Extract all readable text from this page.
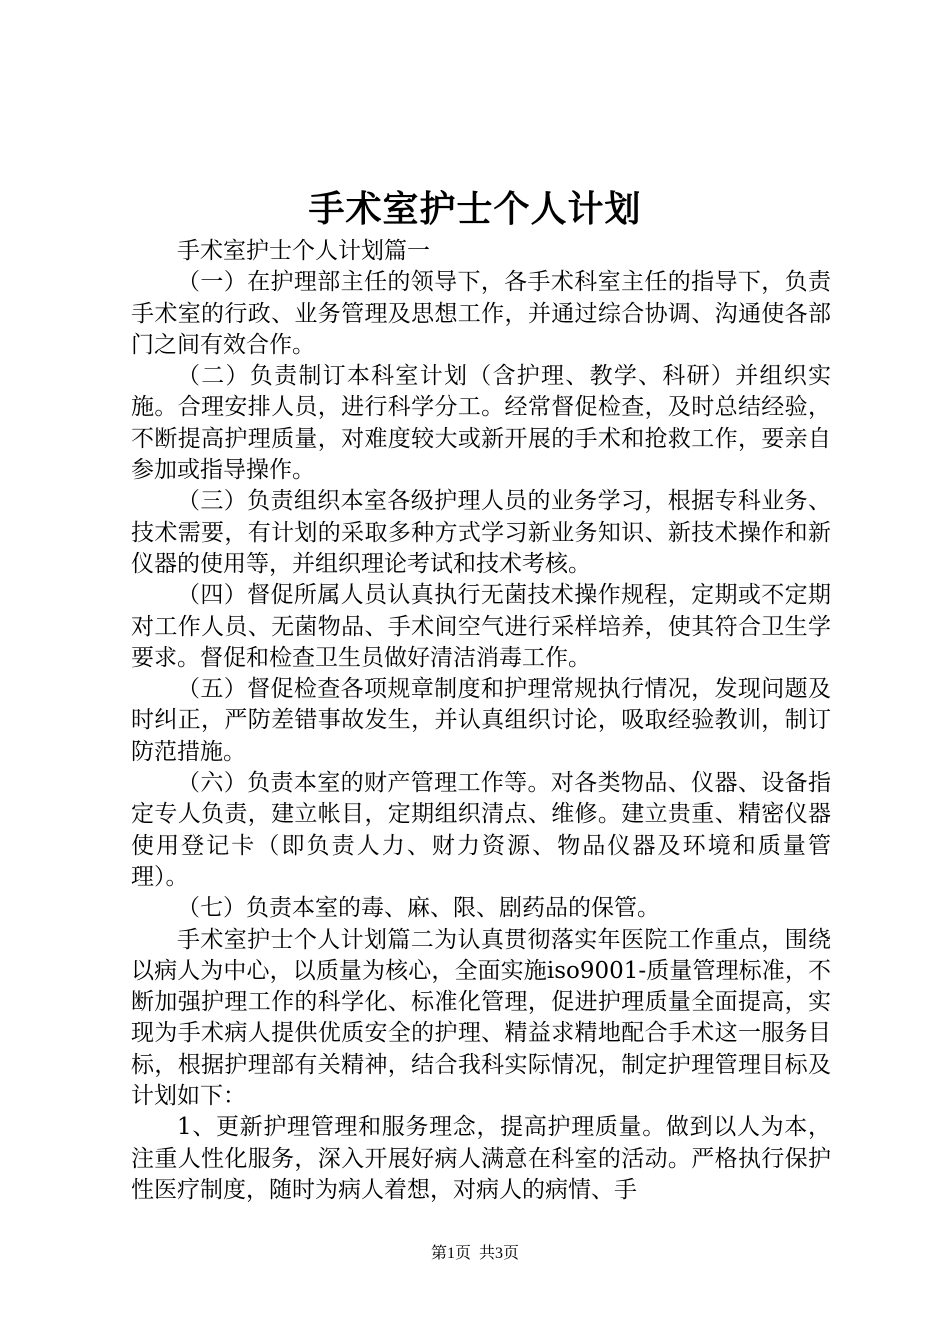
手术室护士个人计划

手术室护士个人计划篇一

（一）在护理部主任的领导下，各手术科室主任的指导下，负责手术室的行政、业务管理及思想工作，并通过综合协调、沟通使各部门之间有效合作。

（二）负责制订本科室计划（含护理、教学、科研）并组织实施。合理安排人员，进行科学分工。经常督促检查，及时总结经验，不断提高护理质量，对难度较大或新开展的手术和抢救工作，要亲自参加或指导操作。

（三）负责组织本室各级护理人员的业务学习，根据专科业务、技术需要，有计划的采取多种方式学习新业务知识、新技术操作和新仪器的使用等，并组织理论考试和技术考核。

（四）督促所属人员认真执行无菌技术操作规程，定期或不定期对工作人员、无菌物品、手术间空气进行采样培养，使其符合卫生学要求。督促和检查卫生员做好清洁消毒工作。

（五）督促检查各项规章制度和护理常规执行情况，发现问题及时纠正，严防差错事故发生，并认真组织讨论，吸取经验教训，制订防范措施。

（六）负责本室的财产管理工作等。对各类物品、仪器、设备指定专人负责，建立帐目，定期组织清点、维修。建立贵重、精密仪器使用登记卡（即负责人力、财力资源、物品仪器及环境和质量管理）。

（七）负责本室的毒、麻、限、剧药品的保管。

手术室护士个人计划篇二为认真贯彻落实年医院工作重点，围绕以病人为中心，以质量为核心，全面实施iso9001-质量管理标准，不断加强护理工作的科学化、标准化管理，促进护理质量全面提高，实现为手术病人提供优质安全的护理、精益求精地配合手术这一服务目标，根据护理部有关精神，结合我科实际情况，制定护理管理目标及计划如下：

1、更新护理管理和服务理念，提高护理质量。做到以人为本，注重人性化服务，深入开展好病人满意在科室的活动。严格执行保护性医疗制度，随时为病人着想，对病人的病情、手

第1页  共3页
